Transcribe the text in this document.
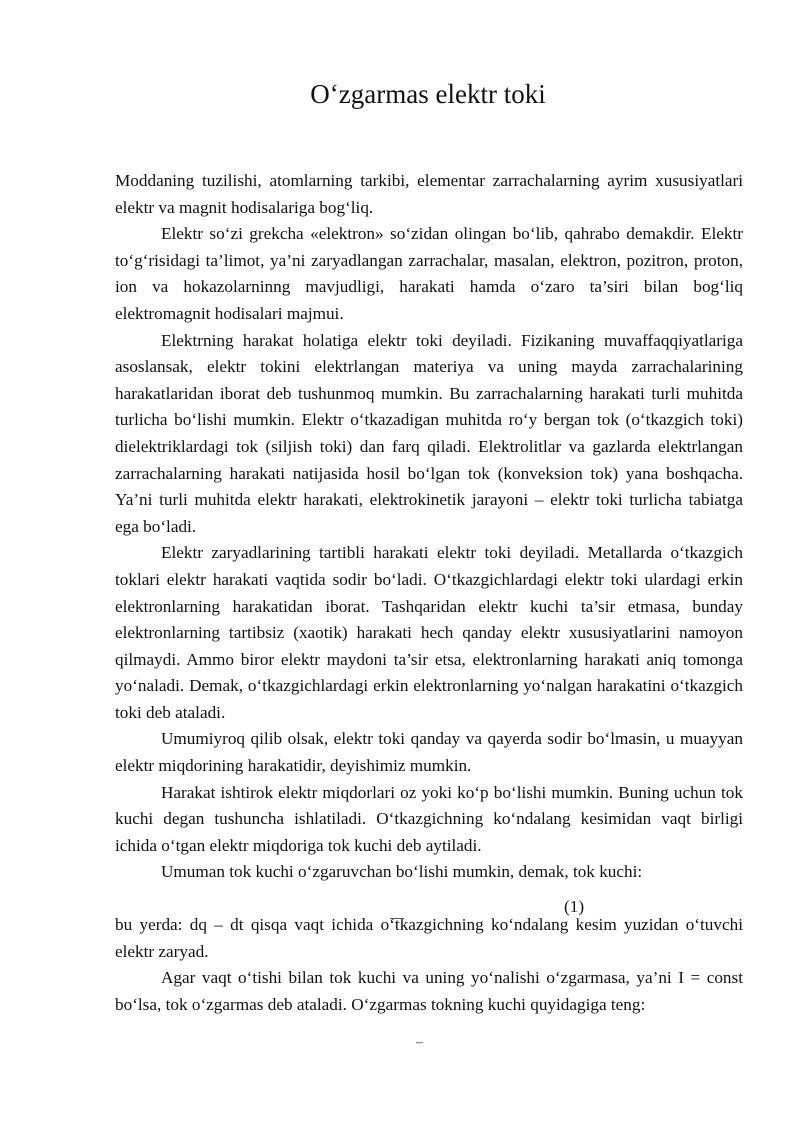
O‘zgarmas elektr toki

Moddaning tuzilishi, atomlarning tarkibi, elementar zarrachalarning ayrim xususiyatlari elektr va magnit hodisalariga bog‘liq.

Elektr so‘zi grekcha «elektron» so‘zidan olingan bo‘lib, qahrabo demakdir. Elektr to‘g‘risidagi ta’limot, ya’ni zaryadlangan zarrachalar, masalan, elektron, pozitron, proton, ion va hokazolarninng mavjudligi, harakati hamda o‘zaro ta’siri bilan bog‘liq elektromagnit hodisalari majmui.

Elektrning harakat holatiga elektr toki deyiladi. Fizikaning muvaffaqqiyatlariga asoslansak, elektr tokini elektrlangan materiya va uning mayda zarrachalarining harakatlaridan iborat deb tushunmoq mumkin. Bu zarrachalarning harakati turli muhitda turlicha bo‘lishi mumkin. Elektr o‘tkazadigan muhitda ro‘y bergan tok (o‘tkazgich toki) dielektriklardagi tok (siljish toki) dan farq qiladi. Elektrolitlar va gazlarda elektrlangan zarrachalarning harakati natijasida hosil bo‘lgan tok (konveksion tok) yana boshqacha. Ya’ni turli muhitda elektr harakati, elektrokinetik jarayoni – elektr toki turlicha tabiatga ega bo‘ladi.

Elektr zaryadlarining tartibli harakati elektr toki deyiladi. Metallarda o‘tkazgich toklari elektr harakati vaqtida sodir bo‘ladi. O‘tkazgichlardagi elektr toki ulardagi erkin elektronlarning harakatidan iborat. Tashqaridan elektr kuchi ta’sir etmasa, bunday elektronlarning tartibsiz (xaotik) harakati hech qanday elektr xususiyatlarini namoyon qilmaydi. Ammo biror elektr maydoni ta’sir etsa, elektronlarning harakati aniq tomonga yo‘naladi. Demak, o‘tkazgichlardagi erkin elektronlarning yo‘nalgan harakatini o‘tkazgich toki deb ataladi.

Umumiyroq qilib olsak, elektr toki qanday va qayerda sodir bo‘lmasin, u muayyan elektr miqdorining harakatidir, deyishimiz mumkin.

Harakat ishtirok elektr miqdorlari oz yoki ko‘p bo‘lishi mumkin. Buning uchun tok kuchi degan tushuncha ishlatiladi. O‘tkazgichning ko‘ndalang kesimidan vaqt birligi ichida o‘tgan elektr miqdoriga tok kuchi deb aytiladi.

Umuman tok kuchi o‘zgaruvchan bo‘lishi mumkin, demak, tok kuchi:

bu yerda: dq – dt qisqa vaqt ichida o‘tkazgichning ko‘ndalang kesim yuzidan o‘tuvchi elektr zaryad.

Agar vaqt o‘tishi bilan tok kuchi va uning yo‘nalishi o‘zgarmasa, ya’ni I = const bo‘lsa, tok o‘zgarmas deb ataladi. O‘zgarmas tokning kuchi quyidagiga teng:

(1)
–
